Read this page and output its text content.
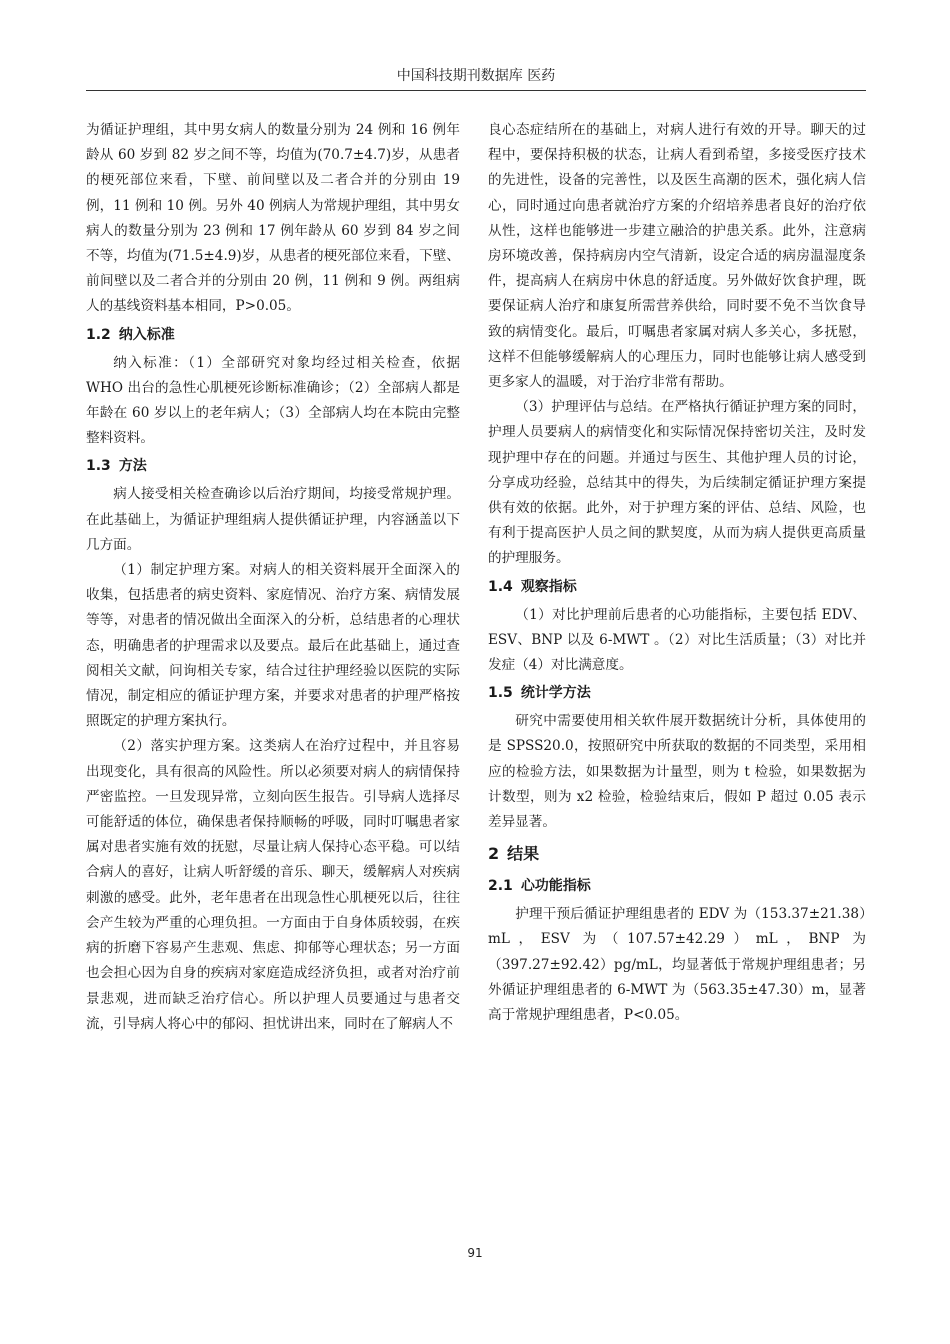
中国科技期刊数据库 医药

为循证护理组，其中男女病人的数量分别为 24 例和 16 例年龄从 60 岁到 82 岁之间不等，均值为(70.7±4.7)岁，从患者的梗死部位来看，下壁、前间壁以及二者合并的分别由 19 例，11 例和 10 例。另外 40 例病人为常规护理组，其中男女病人的数量分别为 23 例和 17 例年龄从 60 岁到 84 岁之间不等，均值为(71.5±4.9)岁，从患者的梗死部位来看，下壁、前间壁以及二者合并的分别由 20 例，11 例和 9 例。两组病人的基线资料基本相同，P>0.05。

1.2 纳入标准

纳入标准：（1）全部研究对象均经过相关检查，依据 WHO 出台的急性心肌梗死诊断标准确诊；（2）全部病人都是年龄在 60 岁以上的老年病人；（3）全部病人均在本院由完整整料资料。

1.3 方法

病人接受相关检查确诊以后治疗期间，均接受常规护理。在此基础上，为循证护理组病人提供循证护理，内容涵盖以下几方面。

（1）制定护理方案。对病人的相关资料展开全面深入的收集，包括患者的病史资料、家庭情况、治疗方案、病情发展等等，对患者的情况做出全面深入的分析，总结患者的心理状态，明确患者的护理需求以及要点。最后在此基础上，通过查阅相关文献，问询相关专家，结合过往护理经验以医院的实际情况，制定相应的循证护理方案，并要求对患者的护理严格按照既定的护理方案执行。

（2）落实护理方案。这类病人在治疗过程中，并且容易出现变化，具有很高的风险性。所以必须要对病人的病情保持严密监控。一旦发现异常，立刻向医生报告。引导病人选择尽可能舒适的体位，确保患者保持顺畅的呼吸，同时叮嘱患者家属对患者实施有效的抚慰，尽量让病人保持心态平稳。可以结合病人的喜好，让病人听舒缓的音乐、聊天，缓解病人对疾病刺激的感受。此外，老年患者在出现急性心肌梗死以后，往往会产生较为严重的心理负担。一方面由于自身体质较弱，在疾病的折磨下容易产生悲观、焦虑、抑郁等心理状态；另一方面也会担心因为自身的疾病对家庭造成经济负担，或者对治疗前景悲观，进而缺乏治疗信心。所以护理人员要通过与患者交流，引导病人将心中的郁闷、担忧讲出来，同时在了解病人不

良心态症结所在的基础上，对病人进行有效的开导。聊天的过程中，要保持积极的状态，让病人看到希望，多接受医疗技术的先进性，设备的完善性，以及医生高潮的医术，强化病人信心，同时通过向患者就治疗方案的介绍培养患者良好的治疗依从性，这样也能够进一步建立融洽的护患关系。此外，注意病房环境改善，保持病房内空气清新，设定合适的病房温湿度条件，提高病人在病房中休息的舒适度。另外做好饮食护理，既要保证病人治疗和康复所需营养供给，同时要不免不当饮食导致的病情变化。最后，叮嘱患者家属对病人多关心，多抚慰，这样不但能够缓解病人的心理压力，同时也能够让病人感受到更多家人的温暖，对于治疗非常有帮助。

（3）护理评估与总结。在严格执行循证护理方案的同时，护理人员要病人的病情变化和实际情况保持密切关注，及时发现护理中存在的问题。并通过与医生、其他护理人员的讨论，分享成功经验，总结其中的得失，为后续制定循证护理方案提供有效的依据。此外，对于护理方案的评估、总结、风险，也有利于提高医护人员之间的默契度，从而为病人提供更高质量的护理服务。

1.4 观察指标

（1）对比护理前后患者的心功能指标，主要包括 EDV、ESV、BNP 以及 6-MWT 。（2）对比生活质量；（3）对比并发症（4）对比满意度。

1.5 统计学方法

研究中需要使用相关软件展开数据统计分析，具体使用的是 SPSS20.0，按照研究中所获取的数据的不同类型，采用相应的检验方法，如果数据为计量型，则为 t 检验，如果数据为计数型，则为 x2 检验，检验结束后，假如 P 超过 0.05 表示差异显著。

2 结果
2.1 心功能指标

护理干预后循证护理组患者的 EDV 为（153.37±21.38）mL，ESV 为（107.57±42.29）mL，BNP 为（397.27±92.42）pg/mL，均显著低于常规护理组患者；另外循证护理组患者的 6-MWT 为（563.35±47.30）m，显著高于常规护理组患者，P<0.05。

91
